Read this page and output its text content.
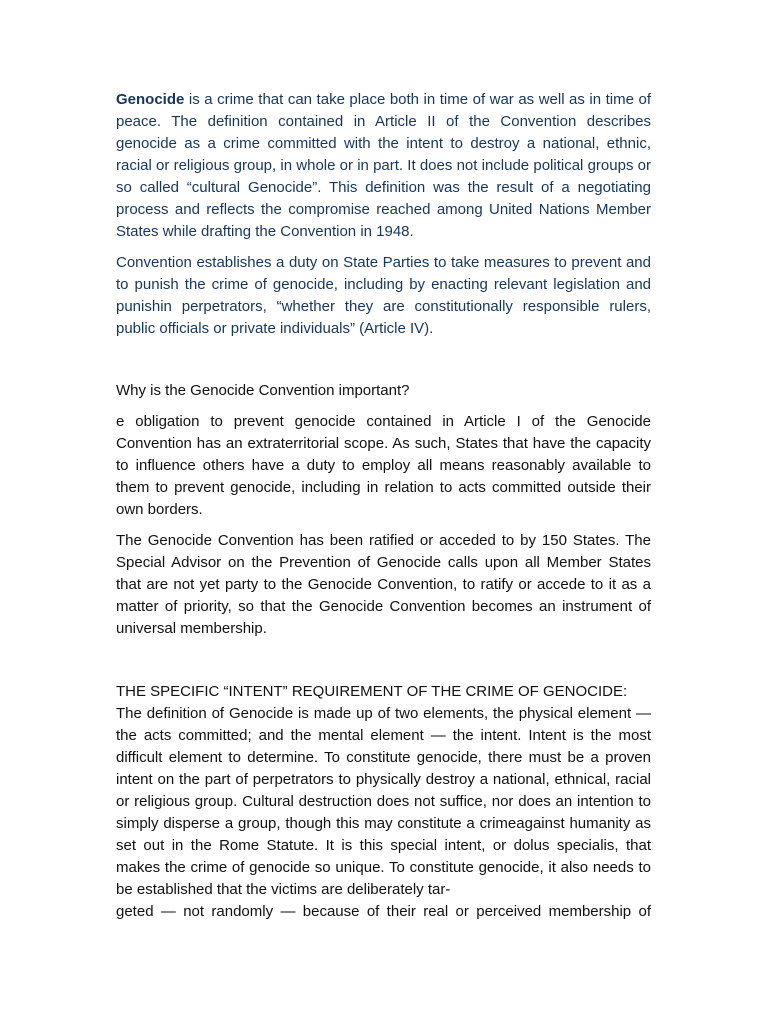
Genocide is a crime that can take place both in time of war as well as in time of peace. The definition contained in Article II of the Convention describes genocide as a crime committed with the intent to destroy a national, ethnic, racial or religious group, in whole or in part. It does not include political groups or so called “cultural Genocide”. This definition was the result of a negotiating process and reflects the compromise reached among United Nations Member States while drafting the Convention in 1948.

Convention establishes a duty on State Parties to take measures to prevent and to punish the crime of genocide, including by enacting relevant legislation and punishin perpetrators, “whether they are constitutionally responsible rulers, public officials or private individuals” (Article IV).

Why is the Genocide Convention important?

e obligation to prevent genocide contained in Article I of the Genocide Convention has an extraterritorial scope. As such, States that have the capacity to influence others have a duty to employ all means reasonably available to them to prevent genocide, including in relation to acts committed outside their own borders.

The Genocide Convention has been ratified or acceded to by 150 States. The Special Advisor on the Prevention of Genocide calls upon all Member States that are not yet party to the Genocide Convention, to ratify or accede to it as a matter of priority, so that the Genocide Convention becomes an instrument of universal membership.

THE SPECIFIC “INTENT” REQUIREMENT OF THE CRIME OF GENOCIDE:

The definition of Genocide is made up of two elements, the physical element — the acts committed; and the mental element — the intent. Intent is the most difficult element to determine. To constitute genocide, there must be a proven intent on the part of perpetrators to physically destroy a national, ethnical, racial or religious group. Cultural destruction does not suffice, nor does an intention to simply disperse a group, though this may constitute a crimeagainst humanity as set out in the Rome Statute. It is this special intent, or dolus specialis, that makes the crime of genocide so unique. To constitute genocide, it also needs to be established that the victims are deliberately tar-

geted — not randomly — because of their real or perceived membership of
